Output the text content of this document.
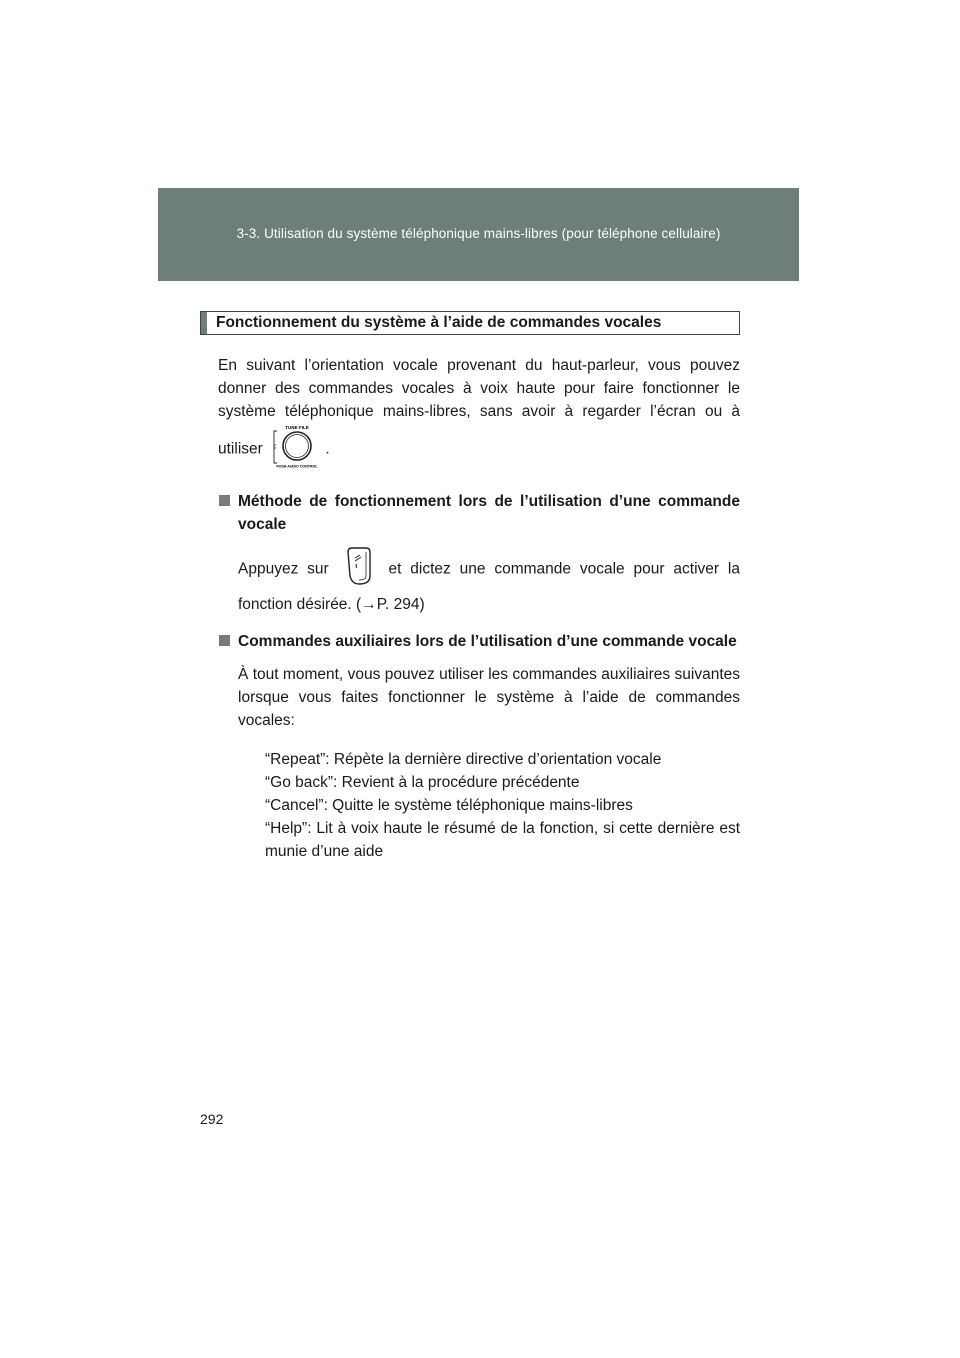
3-3. Utilisation du système téléphonique mains-libres (pour téléphone cellulaire)
Fonctionnement du système à l’aide de commandes vocales

En suivant l’orientation vocale provenant du haut-parleur, vous pouvez donner des commandes vocales à voix haute pour faire fonctionner le système téléphonique mains-libres, sans avoir à regarder l’écran ou à utiliser
TUNE·FILE
PUSH AUDIO CONTROL
.

Méthode de fonctionnement lors de l’utilisation d’une commande vocale

Appuyez sur	et dictez une commande vocale pour activer la fonction désirée. (→P. 294)

Commandes auxiliaires lors de l’utilisation d’une commande vocale

À tout moment, vous pouvez utiliser les commandes auxiliaires suivantes lorsque vous faites fonctionner le système à l’aide de commandes vocales:

“Repeat”: Répète la dernière directive d’orientation vocale

“Go back”: Revient à la procédure précédente

“Cancel”: Quitte le système téléphonique mains-libres

“Help”: Lit à voix haute le résumé de la fonction, si cette dernière est munie d’une aide

292
